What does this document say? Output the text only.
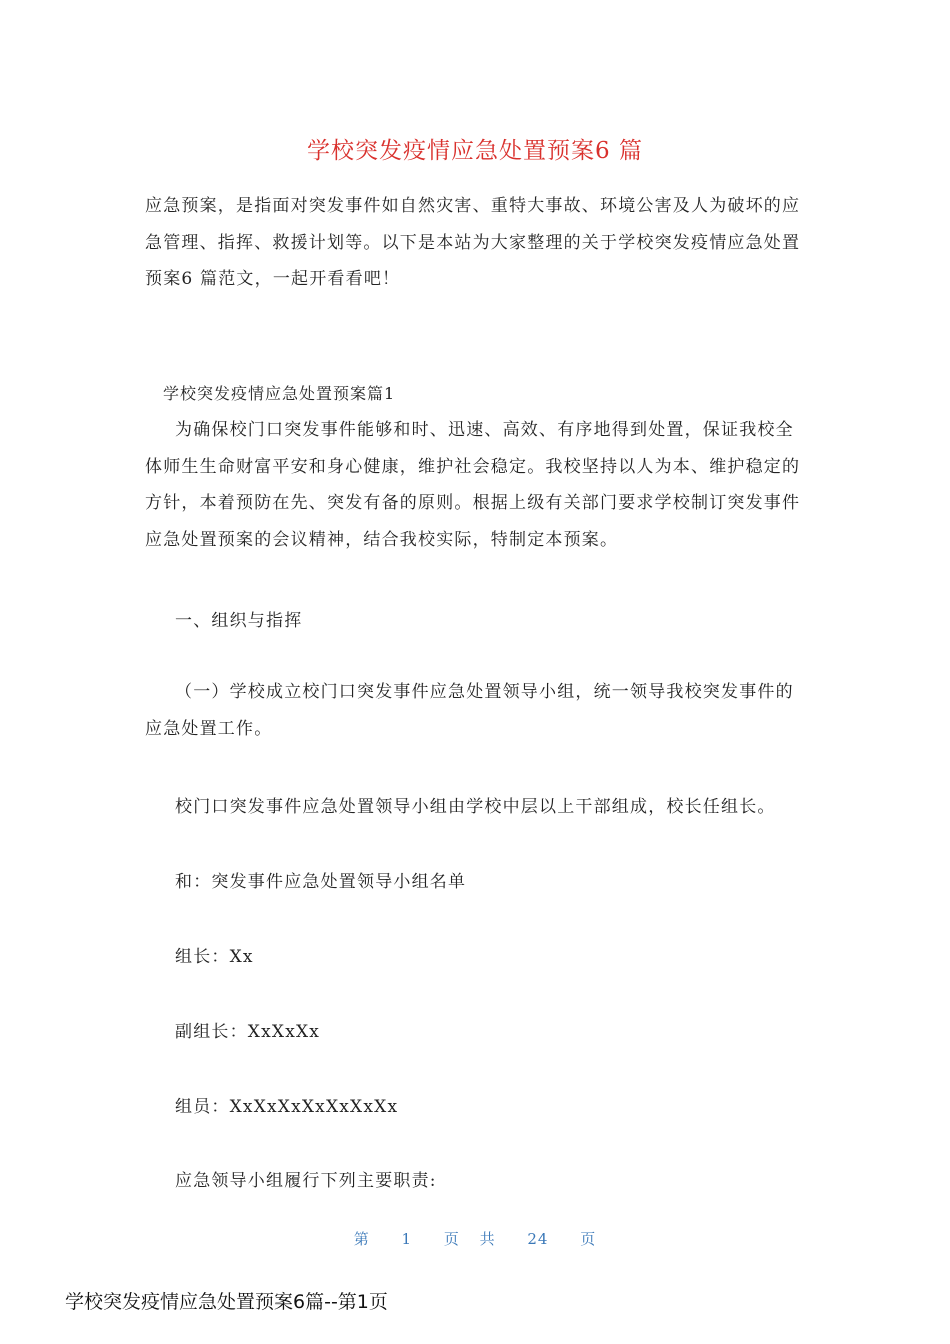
学校突发疫情应急处置预案6 篇

应急预案，是指面对突发事件如自然灾害、重特大事故、环境公害及人为破坏的应急管理、指挥、救援计划等。以下是本站为大家整理的关于学校突发疫情应急处置预案6 篇范文，一起开看看吧！

学校突发疫情应急处置预案篇1

为确保校门口突发事件能够和时、迅速、高效、有序地得到处置，保证我校全体师生生命财富平安和身心健康，维护社会稳定。我校坚持以人为本、维护稳定的方针，本着预防在先、突发有备的原则。根据上级有关部门要求学校制订突发事件应急处置预案的会议精神，结合我校实际，特制定本预案。

一、组织与指挥

（一）学校成立校门口突发事件应急处置领导小组，统一领导我校突发事件的应急处置工作。

校门口突发事件应急处置领导小组由学校中层以上干部组成，校长任组长。
和：突发事件应急处置领导小组名单
组长：Xx
副组长：XxXxXx
组员：XxXxXxXxXxXxXx
应急领导小组履行下列主要职责:
第 1 页 共 24 页
学校突发疫情应急处置预案6篇--第1页
